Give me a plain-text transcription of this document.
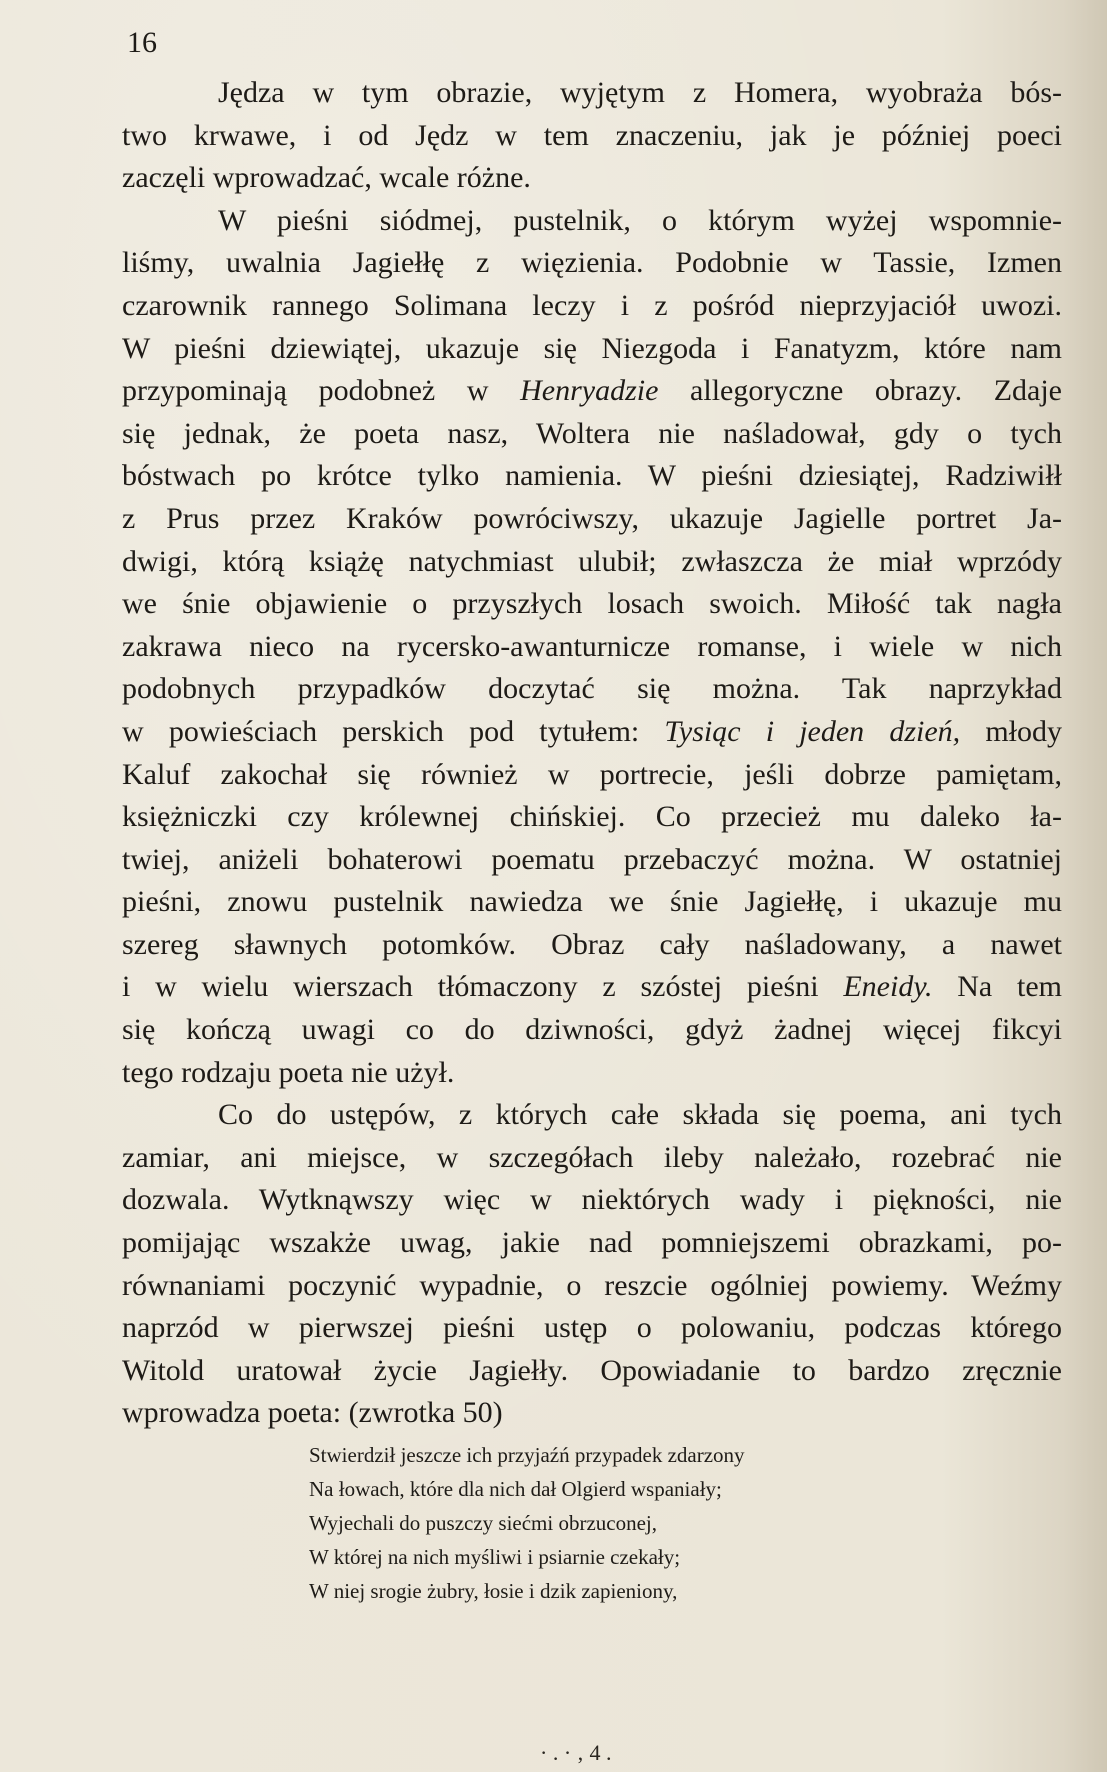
16
Jędza w tym obrazie, wyjętym z Homera, wyobraża bós-
two krwawe, i od Jędz w tem znaczeniu, jak je później poeci
zaczęli wprowadzać, wcale różne.
W pieśni siódmej, pustelnik, o którym wyżej wspomnie-
liśmy, uwalnia Jagiełłę z więzienia. Podobnie w Tassie, Izmen
czarownik rannego Solimana leczy i z pośród nieprzyjaciół uwozi.
W pieśni dziewiątej, ukazuje się Niezgoda i Fanatyzm, które nam
przypominają podobneż w Henryadzie allegoryczne obrazy. Zdaje
się jednak, że poeta nasz, Woltera nie naśladował, gdy o tych
bóstwach po krótce tylko namienia. W pieśni dziesiątej, Radziwiłł
z Prus przez Kraków powróciwszy, ukazuje Jagielle portret Ja-
dwigi, którą książę natychmiast ulubił; zwłaszcza że miał wprzódy
we śnie objawienie o przyszłych losach swoich. Miłość tak nagła
zakrawa nieco na rycersko-awanturnicze romanse, i wiele w nich
podobnych przypadków doczytać się można. Tak naprzykład
w powieściach perskich pod tytułem: Tysiąc i jeden dzień, młody
Kaluf zakochał się również w portrecie, jeśli dobrze pamiętam,
księżniczki czy królewnej chińskiej. Co przecież mu daleko ła-
twiej, aniżeli bohaterowi poematu przebaczyć można. W ostatniej
pieśni, znowu pustelnik nawiedza we śnie Jagiełłę, i ukazuje mu
szereg sławnych potomków. Obraz cały naśladowany, a nawet
i w wielu wierszach tłómaczony z szóstej pieśni Eneidy. Na tem
się kończą uwagi co do dziwności, gdyż żadnej więcej fikcyi
tego rodzaju poeta nie użył.
Co do ustępów, z których całe składa się poema, ani tych
zamiar, ani miejsce, w szczegółach ileby należało, rozebrać nie
dozwala. Wytknąwszy więc w niektórych wady i piękności, nie
pomijając wszakże uwag, jakie nad pomniejszemi obrazkami, po-
równaniami poczynić wypadnie, o reszcie ogólniej powiemy. Weźmy
naprzód w pierwszej pieśni ustęp o polowaniu, podczas którego
Witold uratował życie Jagiełły. Opowiadanie to bardzo zręcznie
wprowadza poeta: (zwrotka 50)
Stwierdził jeszcze ich przyjaźń przypadek zdarzony
Na łowach, które dla nich dał Olgierd wspaniały;
Wyjechali do puszczy siećmi obrzuconej,
W której na nich myśliwi i psiarnie czekały;
W niej srogie żubry, łosie i dzik zapieniony,
· . · ‚ 4 .
